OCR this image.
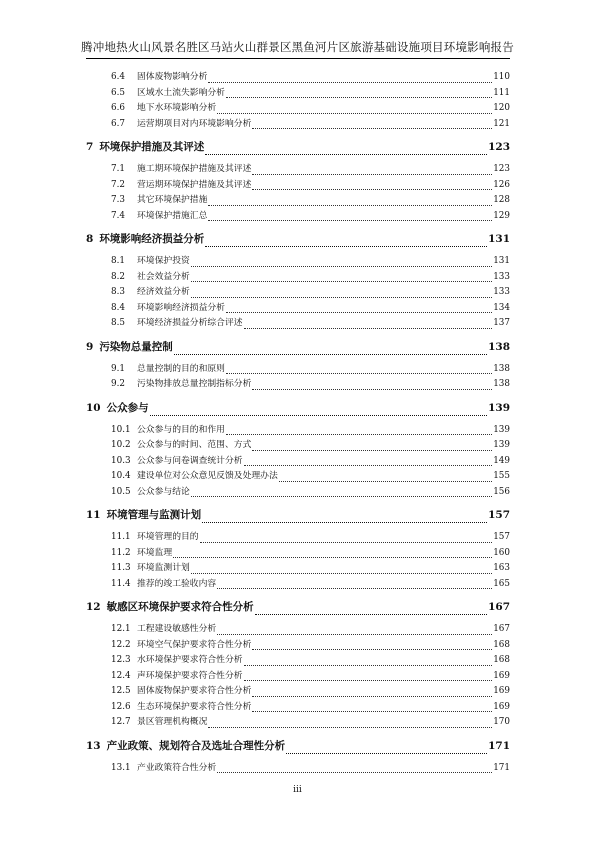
腾冲地热火山风景名胜区马站火山群景区黑鱼河片区旅游基础设施项目环境影响报告
6.4	固体废物影响分析	110
6.5	区域水土流失影响分析	111
6.6	地下水环境影响分析	120
6.7	运营期项目对内环境影响分析	121
7 环境保护措施及其评述	123
7.1	施工期环境保护措施及其评述	123
7.2	营运期环境保护措施及其评述	126
7.3	其它环境保护措施	128
7.4	环境保护措施汇总	129
8 环境影响经济损益分析	131
8.1	环境保护投资	131
8.2	社会效益分析	133
8.3	经济效益分析	133
8.4	环境影响经济损益分析	134
8.5	环境经济损益分析综合评述	137
9 污染物总量控制	138
9.1	总量控制的目的和原则	138
9.2	污染物排放总量控制指标分析	138
10 公众参与	139
10.1 公众参与的目的和作用	139
10.2 公众参与的时间、范围、方式	139
10.3 公众参与问卷调查统计分析	149
10.4 建设单位对公众意见反馈及处理办法	155
10.5 公众参与结论	156
11 环境管理与监测计划	157
11.1 环境管理的目的	157
11.2 环境监理	160
11.3 环境监测计划	163
11.4 推荐的竣工验收内容	165
12 敏感区环境保护要求符合性分析	167
12.1 工程建设敏感性分析	167
12.2 环境空气保护要求符合性分析	168
12.3 水环境保护要求符合性分析	168
12.4 声环境保护要求符合性分析	169
12.5 固体废物保护要求符合性分析	169
12.6 生态环境保护要求符合性分析	169
12.7 景区管理机构概况	170
13 产业政策、规划符合及选址合理性分析	171
13.1 产业政策符合性分析	171
iii
